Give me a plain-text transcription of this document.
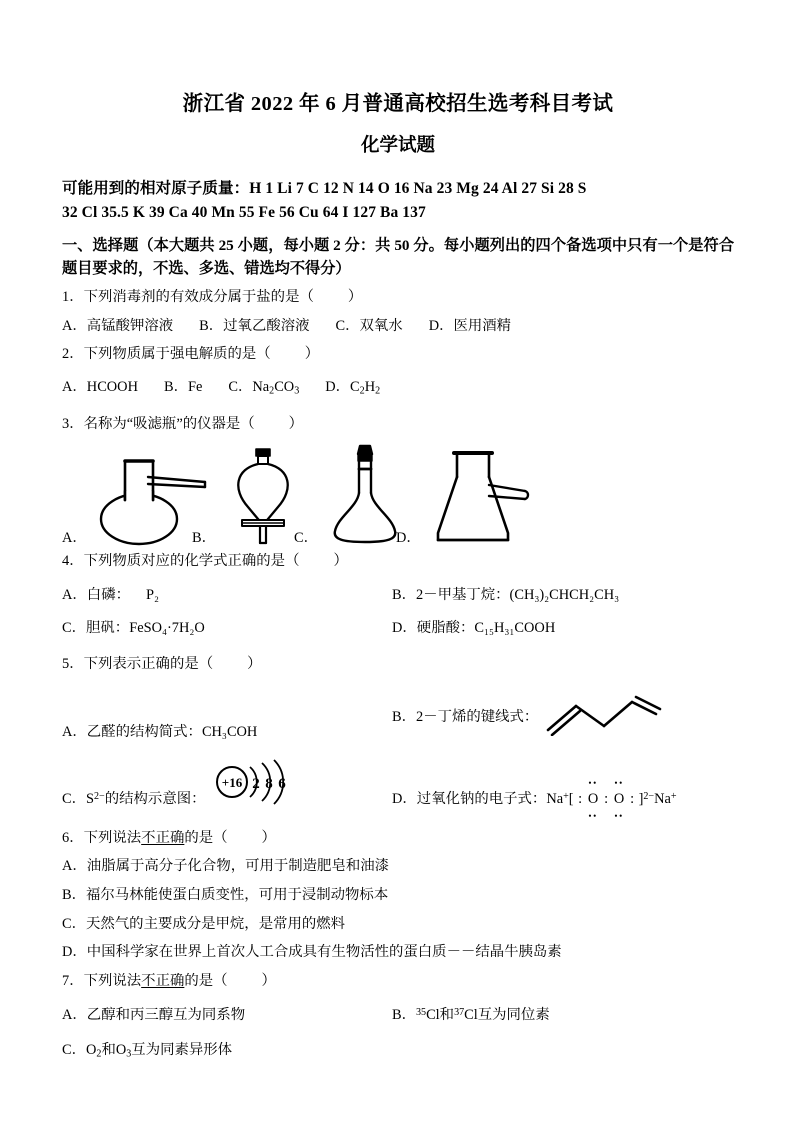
浙江省 2022 年 6 月普通高校招生选考科目考试
化学试题
可能用到的相对原子质量：H 1 Li 7 C 12 N 14 O 16 Na 23 Mg 24 Al 27 Si 28 S
32 Cl 35.5 K 39 Ca 40 Mn 55 Fe 56 Cu 64 I 127 Ba 137
一、选择题（本大题共 25 小题，每小题 2 分：共 50 分。每小题列出的四个备选项中只有一个是符合题目要求的，不选、多选、错选均不得分）
1．下列消毒剂的有效成分属于盐的是（ ）
A．高锰酸钾溶液 B．过氧乙酸溶液 C．双氧水 D．医用酒精
2．下列物质属于强电解质的是（ ）
A．HCOOH B．Fe C．$Na_2CO_3$ D．$C_2H_2$
3．名称为“吸滤瓶”的仪器是（ ）
A．	B．	C．	D．
4．下列物质对应的化学式正确的是（ ）
A．白磷： P₂	B．2－甲基丁烷：(CH₃)₂CHCH₂CH₃
C．胆矾：FeSO₄·7H₂O	D．硬脂酸：C₁₅H₃₁COOH
5．下列表示正确的是（ ）
A．乙醛的结构简式：CH₃COH
B． 2－丁烯的键线式：
C． $S^{2-}$ 的结构示意图：
+16 2 8 6
D．过氧化钠的电子式：Na+[ : O
••
••
: O
••
••
: ]$^{2-}$Na+
6．下列说法不正确的是（ ）
A．油脂属于高分子化合物，可用于制造肥皂和油漆
B．福尔马林能使蛋白质变性，可用于浸制动物标本
C．天然气的主要成分是甲烷，是常用的燃料
D．中国科学家在世界上首次人工合成具有生物活性的蛋白质－－结晶牛胰岛素
7．下列说法不正确的是（ ）
A．乙醇和丙三醇互为同系物	B．$^{35}$Cl和$^{37}$Cl互为同位素
C．$O_2$和$O_3$互为同素异形体
